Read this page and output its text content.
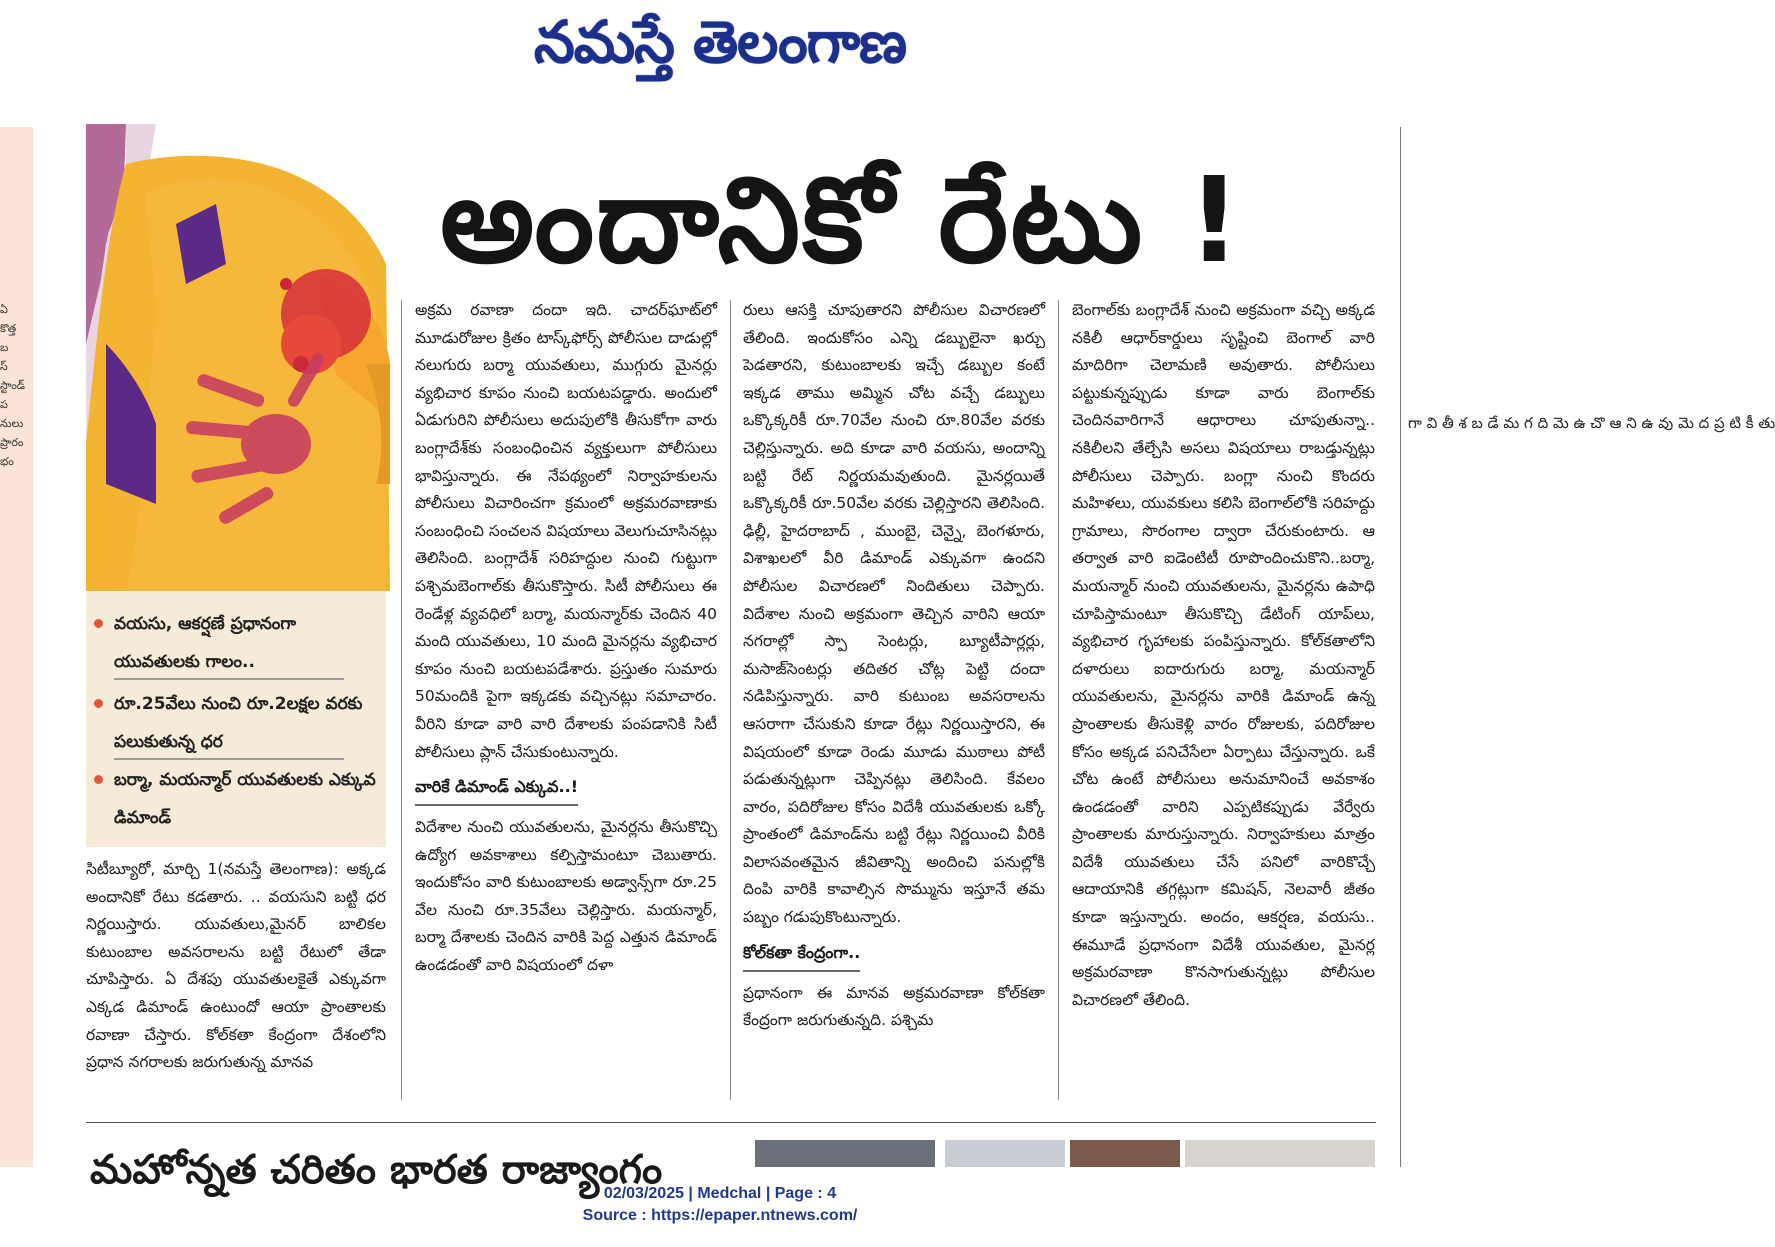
నమస్తే తెలంగాణ
ఏ కొత్త బస్ స్టాండ్ పనులు ప్రారంభం
అందానికో రేటు !
వయసు, ఆకర్షణే ప్రధానంగా యువతులకు గాలం..
రూ.25వేలు నుంచి రూ.2లక్షల వరకు పలుకుతున్న ధర
బర్మా, మయన్మార్ యువతులకు ఎక్కువ డిమాండ్

సిటీబ్యూరో, మార్చి 1(నమస్తే తెలంగాణ): అక్కడ అందానికో రేటు కడతారు. .. వయసుని బట్టి ధర నిర్ణయిస్తారు. యువతులు,మైనర్ బాలికల కుటుంబాల అవసరాలను బట్టి రేటులో తేడా చూపిస్తారు. ఏ దేశపు యువతులకైతే ఎక్కువగా ఎక్కడ డిమాండ్ ఉంటుందో ఆయా ప్రాంతాలకు రవాణా చేస్తారు. కోల్‌కతా కేంద్రంగా దేశంలోని ప్రధాన నగరాలకు జరుగుతున్న మానవ

అక్రమ రవాణా దందా ఇది. చాదర్‌ఘాట్‌లో మూడురోజుల క్రితం టాస్క్‌ఫోర్స్ పోలీసుల దాడుల్లో నలుగురు బర్మా యువతులు, ముగ్గురు మైనర్లు వ్యభిచార కూపం నుంచి బయటపడ్డారు. అందులో ఏడుగురిని పోలీసులు అదుపులోకి తీసుకోగా వారు బంగ్లాదేశ్‌కు సంబంధించిన వ్యక్తులుగా పోలీసులు భావిస్తున్నారు. ఈ నేపథ్యంలో నిర్వాహకులను పోలీసులు విచారించగా క్రమంలో అక్రమరవాణాకు సంబంధించి సంచలన విషయాలు వెలుగుచూసినట్లు తెలిసింది. బంగ్లాదేశ్ సరిహద్దుల నుంచి గుట్టుగా పశ్చిమబెంగాల్‌కు తీసుకొస్తారు. సిటీ పోలీసులు ఈ రెండేళ్ల వ్యవధిలో బర్మా, మయన్మార్‌కు చెందిన 40 మంది యువతులు, 10 మంది మైనర్లను వ్యభిచార కూపం నుంచి బయటపడేశారు. ప్రస్తుతం సుమారు 50మందికి పైగా ఇక్కడకు వచ్చినట్లు సమాచారం. వీరిని కూడా వారి వారి దేశాలకు పంపడానికి సిటీ పోలీసులు ప్లాన్ చేసుకుంటున్నారు.

వారికే డిమాండ్ ఎక్కువ..!

విదేశాల నుంచి యువతులను, మైనర్లను తీసుకొచ్చి ఉద్యోగ అవకాశాలు కల్పిస్తామంటూ చెబుతారు. ఇందుకోసం వారి కుటుంబాలకు అడ్వాన్స్‌గా రూ.25 వేల నుంచి రూ.35వేలు చెల్లిస్తారు. మయన్మార్, బర్మా దేశాలకు చెందిన వారికి పెద్ద ఎత్తున డిమాండ్ ఉండడంతో వారి విషయంలో దళా

రులు ఆసక్తి చూపుతారని పోలీసుల విచారణలో తేలింది. ఇందుకోసం ఎన్ని డబ్బులైనా ఖర్చు పెడతారని, కుటుంబాలకు ఇచ్చే డబ్బుల కంటే ఇక్కడ తాము అమ్మిన చోట వచ్చే డబ్బులు ఒక్కొక్కరికీ రూ.70వేల నుంచి రూ.80వేల వరకు చెల్లిస్తున్నారు. అది కూడా వారి వయసు, అందాన్ని బట్టి రేట్ నిర్ణయమవుతుంది. మైనర్లయితే ఒక్కొక్కరికీ రూ.50వేల వరకు చెల్లిస్తారని తెలిసింది. ఢిల్లీ, హైదరాబాద్ , ముంబై, చెన్నై, బెంగళూరు, విశాఖలలో వీరి డిమాండ్ ఎక్కువగా ఉందని పోలీసుల విచారణలో నిందితులు చెప్పారు. విదేశాల నుంచి అక్రమంగా తెచ్చిన వారిని ఆయా నగరాల్లో స్పా సెంటర్లు, బ్యూటీపార్లర్లు, మసాజ్‌సెంటర్లు తదితర చోట్ల పెట్టి దందా నడిపిస్తున్నారు. వారి కుటుంబ అవసరాలను ఆసరాగా చేసుకుని కూడా రేట్లు నిర్ణయిస్తారని, ఈ విషయంలో కూడా రెండు మూడు ముఠాలు పోటీ పడుతున్నట్లుగా చెప్పినట్లు తెలిసింది. కేవలం వారం, పదిరోజుల కోసం విదేశీ యువతులకు ఒక్కో ప్రాంతంలో డిమాండ్‌ను బట్టి రేట్లు నిర్ణయించి వీరికి విలాసవంతమైన జీవితాన్ని అందించి పనుల్లోకి దింపి వారికి కావాల్సిన సొమ్మును ఇస్తూనే తమ పబ్బం గడుపుకొంటున్నారు.

కోల్‌కతా కేంద్రంగా..

ప్రధానంగా ఈ మానవ అక్రమరవాణా కోల్‌కతా కేంద్రంగా జరుగుతున్నది. పశ్చిమ

బెంగాల్‌కు బంగ్లాదేశ్ నుంచి అక్రమంగా వచ్చి అక్కడ నకిలీ ఆధార్‌కార్డులు సృష్టించి బెంగాల్ వారి మాదిరిగా చెలామణి అవుతారు. పోలీసులు పట్టుకున్నప్పుడు కూడా వారు బెంగాల్‌కు చెందినవారిగానే ఆధారాలు చూపుతున్నా.. నకిలీలని తేల్చేసి అసలు విషయాలు రాబడ్తున్నట్లు పోలీసులు చెప్పారు. బంగ్లా నుంచి కొందరు మహిళలు, యువకులు కలిసి బెంగాల్‌లోకి సరిహద్దు గ్రామాలు, సొరంగాల ద్వారా చేరుకుంటారు. ఆ తర్వాత వారి ఐడెంటిటీ రూపొందించుకొని..బర్మా, మయన్మార్ నుంచి యువతులను, మైనర్లను ఉపాధి చూపిస్తామంటూ తీసుకొచ్చి డేటింగ్ యాప్‌లు, వ్యభిచార గృహాలకు పంపిస్తున్నారు. కోల్‌కతాలోని దళారులు ఐదారుగురు బర్మా, మయన్మార్ యువతులను, మైనర్లను వారికి డిమాండ్ ఉన్న ప్రాంతాలకు తీసుకెళ్లి వారం రోజులకు, పదిరోజుల కోసం అక్కడ పనిచేసేలా ఏర్పాటు చేస్తున్నారు. ఒకే చోట ఉంటే పోలీసులు అనుమానించే అవకాశం ఉండడంతో వారిని ఎప్పటికప్పుడు వేర్వేరు ప్రాంతాలకు మారుస్తున్నారు. నిర్వాహకులు మాత్రం విదేశీ యువతులు చేసే పనిలో వారికొచ్చే ఆదాయానికి తగ్గట్లుగా కమిషన్, నెలవారీ జీతం కూడా ఇస్తున్నారు. అందం, ఆకర్షణ, వయసు.. ఈమూడే ప్రధానంగా విదేశీ యువతుల, మైనర్ల అక్రమరవాణా కొనసాగుతున్నట్లు పోలీసుల విచారణలో తేలింది.

గా వి తీ శ బ డే మ గ ది మె ఉ చొ ఆ ని ఉ వు మె ద ప్ర టి కీ తు
మహోన్నత చరితం భారత రాజ్యాంగం
02/03/2025 | Medchal | Page : 4
Source : https://epaper.ntnews.com/
